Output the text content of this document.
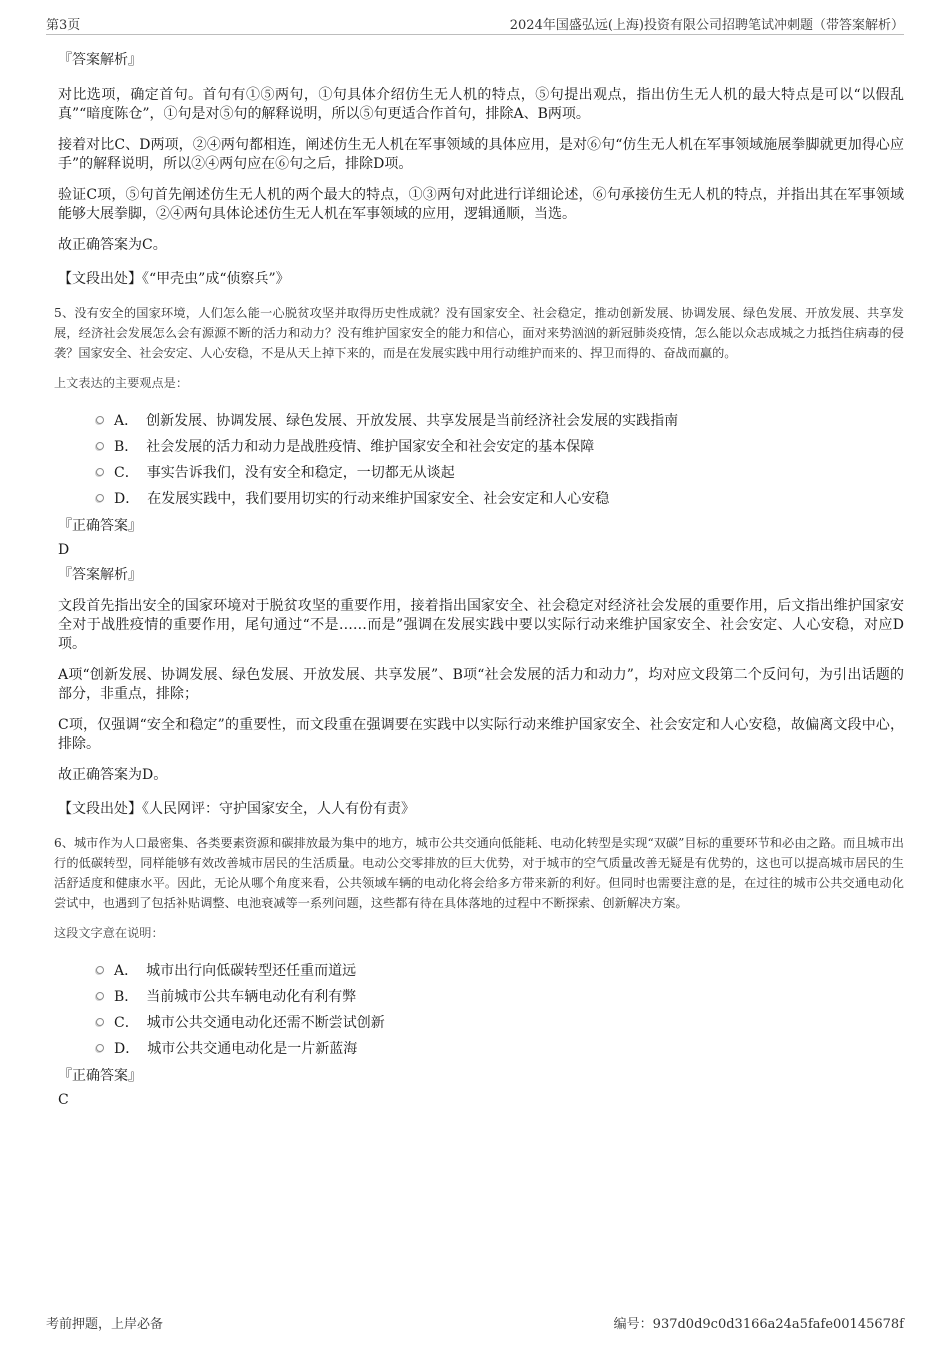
第3页	2024年国盛弘远(上海)投资有限公司招聘笔试冲刺题（带答案解析）
『答案解析』

对比选项，确定首句。首句有①⑤两句，①句具体介绍仿生无人机的特点，⑤句提出观点，指出仿生无人机的最大特点是可以“以假乱真”“暗度陈仓”，①句是对⑤句的解释说明，所以⑤句更适合作首句，排除A、B两项。

接着对比C、D两项，②④两句都相连，阐述仿生无人机在军事领域的具体应用，是对⑥句“仿生无人机在军事领域施展拳脚就更加得心应手”的解释说明，所以②④两句应在⑥句之后，排除D项。

验证C项，⑤句首先阐述仿生无人机的两个最大的特点，①③两句对此进行详细论述，⑥句承接仿生无人机的特点，并指出其在军事领域能够大展拳脚，②④两句具体论述仿生无人机在军事领域的应用，逻辑通顺，当选。

故正确答案为C。

【文段出处】《“甲壳虫”成“侦察兵”》
5、没有安全的国家环境，人们怎么能一心脱贫攻坚并取得历史性成就？没有国家安全、社会稳定，推动创新发展、协调发展、绿色发展、开放发展、共享发展，经济社会发展怎么会有源源不断的活力和动力？没有维护国家安全的能力和信心，面对来势汹汹的新冠肺炎疫情，怎么能以众志成城之力抵挡住病毒的侵袭？国家安全、社会安定、人心安稳，不是从天上掉下来的，而是在发展实践中用行动维护而来的、捍卫而得的、奋战而赢的。
上文表达的主要观点是：
A． 创新发展、协调发展、绿色发展、开放发展、共享发展是当前经济社会发展的实践指南
B． 社会发展的活力和动力是战胜疫情、维护国家安全和社会安定的基本保障
C． 事实告诉我们，没有安全和稳定，一切都无从谈起
D． 在发展实践中，我们要用切实的行动来维护国家安全、社会安定和人心安稳
『正确答案』
D
『答案解析』

文段首先指出安全的国家环境对于脱贫攻坚的重要作用，接着指出国家安全、社会稳定对经济社会发展的重要作用，后文指出维护国家安全对于战胜疫情的重要作用，尾句通过“不是……而是”强调在发展实践中要以实际行动来维护国家安全、社会安定、人心安稳，对应D项。

A项“创新发展、协调发展、绿色发展、开放发展、共享发展”、B项“社会发展的活力和动力”，均对应文段第二个反问句，为引出话题的部分，非重点，排除；

C项，仅强调“安全和稳定”的重要性，而文段重在强调要在实践中以实际行动来维护国家安全、社会安定和人心安稳，故偏离文段中心，排除。

故正确答案为D。

【文段出处】《人民网评：守护国家安全，人人有份有责》
6、城市作为人口最密集、各类要素资源和碳排放最为集中的地方，城市公共交通向低能耗、电动化转型是实现“双碳”目标的重要环节和必由之路。而且城市出行的低碳转型，同样能够有效改善城市居民的生活质量。电动公交零排放的巨大优势，对于城市的空气质量改善无疑是有优势的，这也可以提高城市居民的生活舒适度和健康水平。因此，无论从哪个角度来看，公共领域车辆的电动化将会给多方带来新的利好。但同时也需要注意的是，在过往的城市公共交通电动化尝试中，也遇到了包括补贴调整、电池衰减等一系列问题，这些都有待在具体落地的过程中不断探索、创新解决方案。
这段文字意在说明：
A． 城市出行向低碳转型还任重而道远
B． 当前城市公共车辆电动化有利有弊
C． 城市公共交通电动化还需不断尝试创新
D． 城市公共交通电动化是一片新蓝海
『正确答案』
C
考前押题，上岸必备	编号：937d0d9c0d3166a24a5fafe00145678f
